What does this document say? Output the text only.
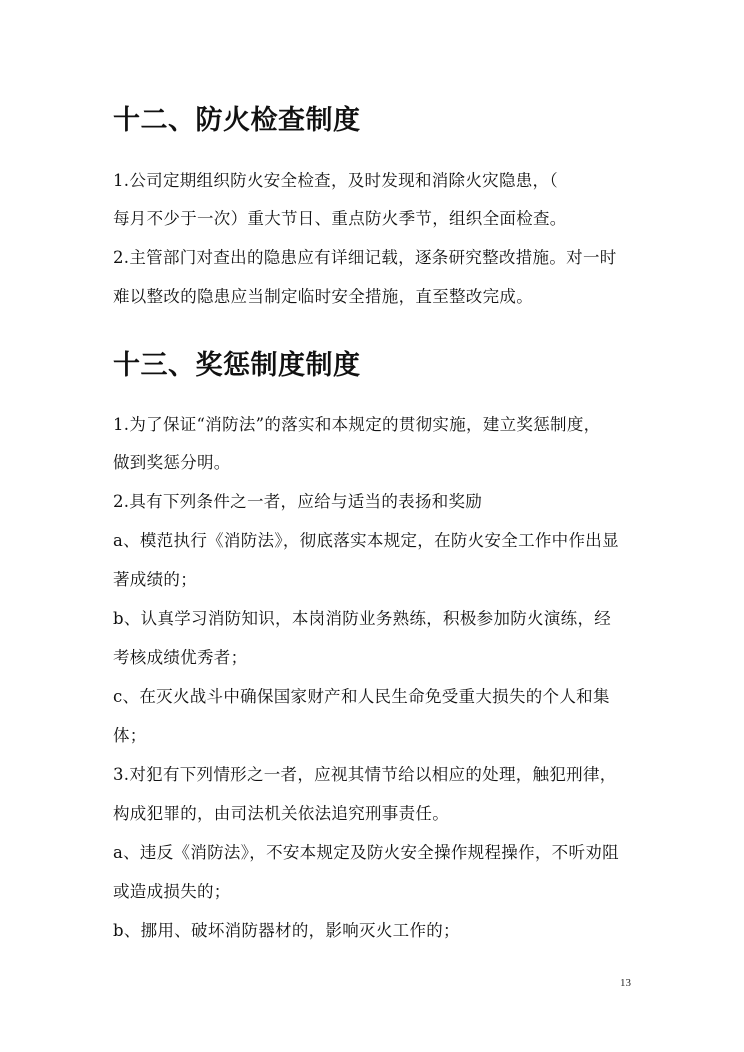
十二、防火检查制度
1.公司定期组织防火安全检查，及时发现和消除火灾隐患，（
每月不少于一次）重大节日、重点防火季节，组织全面检查。
2.主管部门对查出的隐患应有详细记载，逐条研究整改措施。对一时
难以整改的隐患应当制定临时安全措施，直至整改完成。
十三、奖惩制度制度
1.为了保证“消防法”的落实和本规定的贯彻实施，建立奖惩制度，
做到奖惩分明。
2.具有下列条件之一者，应给与适当的表扬和奖励
a、模范执行《消防法》，彻底落实本规定，在防火安全工作中作出显
著成绩的；
b、认真学习消防知识，本岗消防业务熟练，积极参加防火演练，经
考核成绩优秀者；
c、在灭火战斗中确保国家财产和人民生命免受重大损失的个人和集
体；
3.对犯有下列情形之一者，应视其情节给以相应的处理，触犯刑律，
构成犯罪的，由司法机关依法追究刑事责任。
a、违反《消防法》，不安本规定及防火安全操作规程操作，不听劝阻
或造成损失的；
b、挪用、破坏消防器材的，影响灭火工作的；
13
